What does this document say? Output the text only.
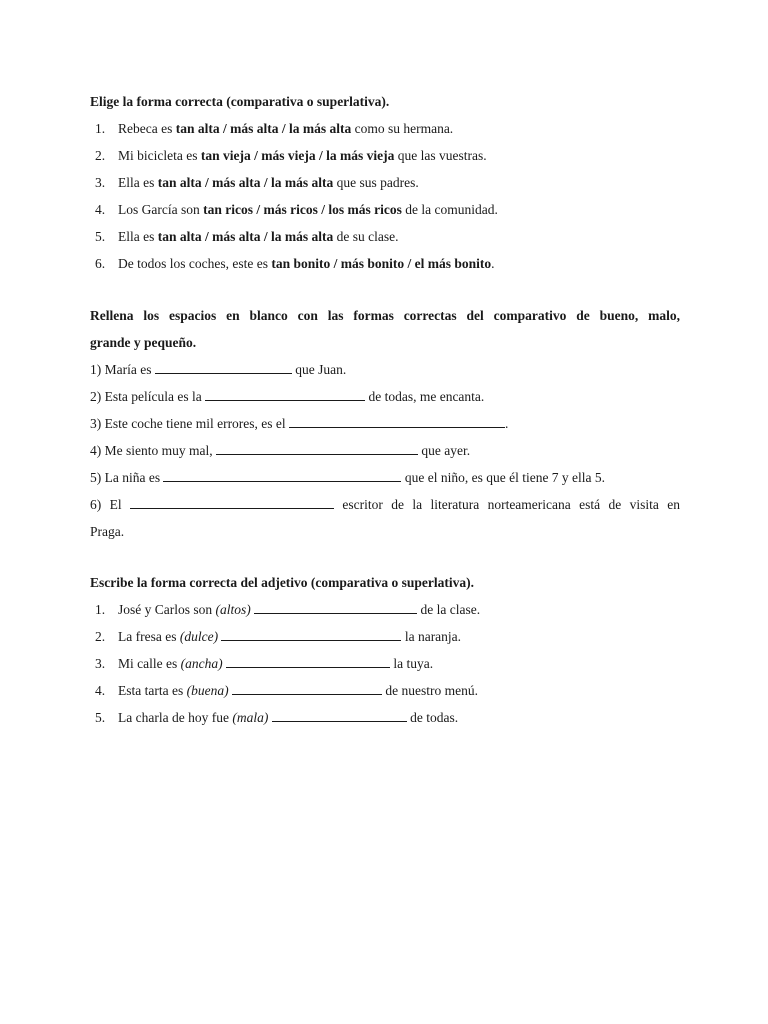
Elige la forma correcta (comparativa o superlativa).

1. Rebeca es tan alta / más alta / la más alta como su hermana.
2. Mi bicicleta es tan vieja / más vieja / la más vieja que las vuestras.
3. Ella es tan alta / más alta / la más alta que sus padres.
4. Los García son tan ricos / más ricos / los más ricos de la comunidad.
5. Ella es tan alta / más alta / la más alta de su clase.
6. De todos los coches, este es tan bonito / más bonito / el más bonito.

Rellena los espacios en blanco con las formas correctas del comparativo de bueno, malo,

grande y pequeño.

1) María es	que Juan.

2) Esta película es la	de todas, me encanta.

3) Este coche tiene mil errores, es el	.

4) Me siento muy mal,	que ayer.

5) La niña es	que el niño, es que él tiene 7 y ella 5.

6) El	escritor de la literatura norteamericana está de visita en

Praga.

Escribe la forma correcta del adjetivo (comparativa o superlativa).

1. José y Carlos son (altos)	de la clase.
2. La fresa es (dulce)	la naranja.
3. Mi calle es (ancha)	la tuya.
4. Esta tarta es (buena)	de nuestro menú.
5. La charla de hoy fue (mala)	de todas.
